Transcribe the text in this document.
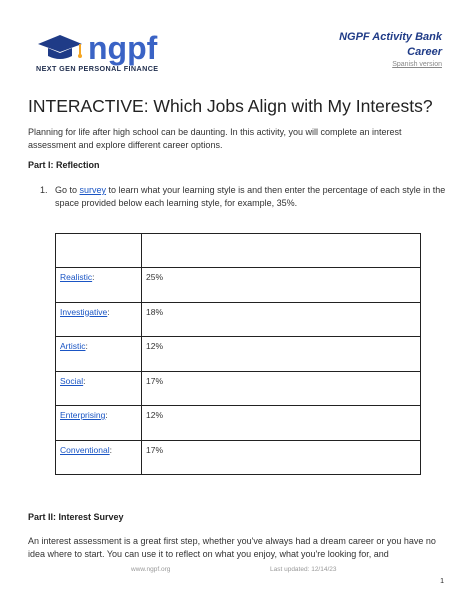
ngpf
NEXT GEN PERSONAL FINANCE
NGPF Activity Bank
Career
Spanish version
INTERACTIVE: Which Jobs Align with My Interests?
Planning for life after high school can be daunting. In this activity, you will complete an interest assessment and explore different career options.
Part I: Reflection
1. Go to survey to learn what your learning style is and then enter the percentage of each style in the space provided below each learning style, for example, 35%.

Realistic:	25%
Investigative:	18%
Artistic:	12%
Social:	17%
Enterprising:	12%
Conventional:	17%
Part II: Interest Survey
An interest assessment is a great first step, whether you've always had a dream career or you have no idea where to start. You can use it to reflect on what you enjoy, what you're looking for, and
www.ngpf.org	Last updated: 12/14/23
1
